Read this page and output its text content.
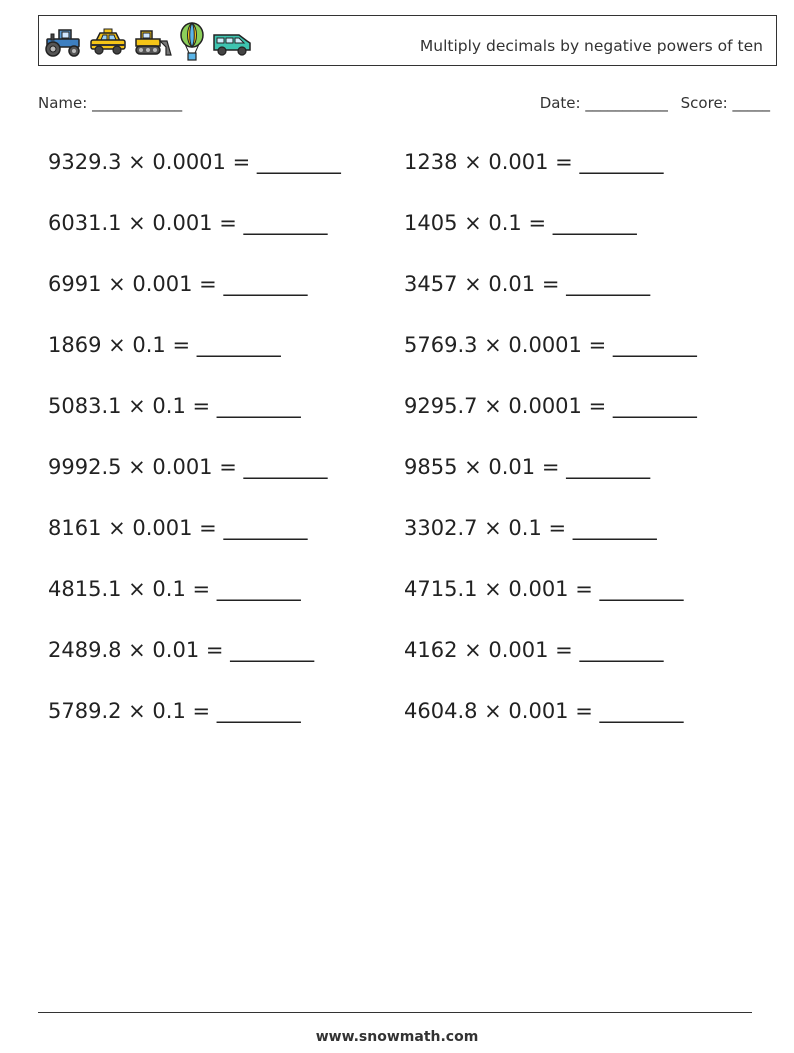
Multiply decimals by negative powers of ten
Name: ____________	Date: ___________ Score: _____
9329.3 × 0.0001 = ________
6031.1 × 0.001 = ________
6991 × 0.001 = ________
1869 × 0.1 = ________
5083.1 × 0.1 = ________
9992.5 × 0.001 = ________
8161 × 0.001 = ________
4815.1 × 0.1 = ________
2489.8 × 0.01 = ________
5789.2 × 0.1 = ________
1238 × 0.001 = ________
1405 × 0.1 = ________
3457 × 0.01 = ________
5769.3 × 0.0001 = ________
9295.7 × 0.0001 = ________
9855 × 0.01 = ________
3302.7 × 0.1 = ________
4715.1 × 0.001 = ________
4162 × 0.001 = ________
4604.8 × 0.001 = ________
www.snowmath.com
